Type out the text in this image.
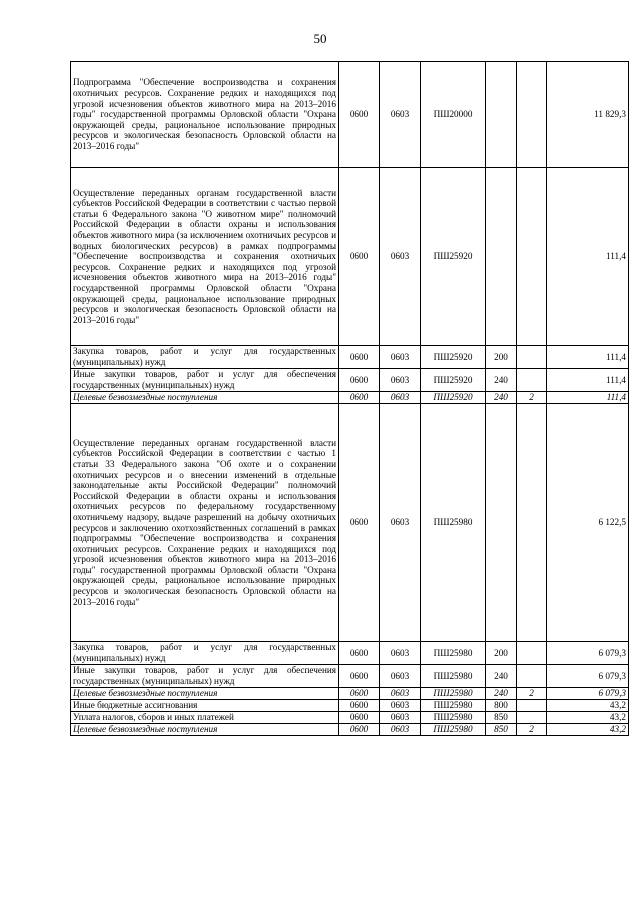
50
Подпрограмма "Обеспечение воспроизводства и сохранения охотничьих ресурсов. Сохранение редких и находящихся под угрозой исчезновения объектов животного мира на 2013–2016 годы" государственной программы Орловской области "Охрана окружающей среды, рациональное использование природных ресурсов и экологическая безопасность Орловской области на 2013–2016 годы"	0600	0603	ПШ20000			11 829,3
Осуществление переданных органам государственной власти субъектов Российской Федерации в соответствии с частью первой статьи 6 Федерального закона "О животном мире" полномочий Российской Федерации в области охраны и использования объектов животного мира (за исключением охотничьих ресурсов и водных биологических ресурсов) в рамках подпрограммы "Обеспечение воспроизводства и сохранения охотничьих ресурсов. Сохранение редких и находящихся под угрозой исчезновения объектов животного мира на 2013–2016 годы" государственной программы Орловской области "Охрана окружающей среды, рациональное использование природных ресурсов и экологическая безопасность Орловской области на 2013–2016 годы"	0600	0603	ПШ25920			111,4
Закупка товаров, работ и услуг для государственных (муниципальных) нужд	0600	0603	ПШ25920	200		111,4
Иные закупки товаров, работ и услуг для обеспечения государственных (муниципальных) нужд	0600	0603	ПШ25920	240		111,4
Целевые безвозмездные поступления	0600	0603	ПШ25920	240	2	111,4
Осуществление переданных органам государственной власти субъектов Российской Федерации в соответствии с частью 1 статьи 33 Федерального закона "Об охоте и о сохранении охотничьих ресурсов и о внесении изменений в отдельные законодательные акты Российской Федерации" полномочий Российской Федерации в области охраны и использования охотничьих ресурсов по федеральному государственному охотничьему надзору, выдаче разрешений на добычу охотничьих ресурсов и заключению охотхозяйственных соглашений в рамках подпрограммы "Обеспечение воспроизводства и сохранения охотничьих ресурсов. Сохранение редких и находящихся под угрозой исчезновения объектов животного мира на 2013–2016 годы" государственной программы Орловской области "Охрана окружающей среды, рациональное использование природных ресурсов и экологическая безопасность Орловской области на 2013–2016 годы"	0600	0603	ПШ25980			6 122,5
Закупка товаров, работ и услуг для государственных (муниципальных) нужд	0600	0603	ПШ25980	200		6 079,3
Иные закупки товаров, работ и услуг для обеспечения государственных (муниципальных) нужд	0600	0603	ПШ25980	240		6 079,3
Целевые безвозмездные поступления	0600	0603	ПШ25980	240	2	6 079,3
Иные бюджетные ассигнования	0600	0603	ПШ25980	800		43,2
Уплата налогов, сборов и иных платежей	0600	0603	ПШ25980	850		43,2
Целевые безвозмездные поступления	0600	0603	ПШ25980	850	2	43,2
